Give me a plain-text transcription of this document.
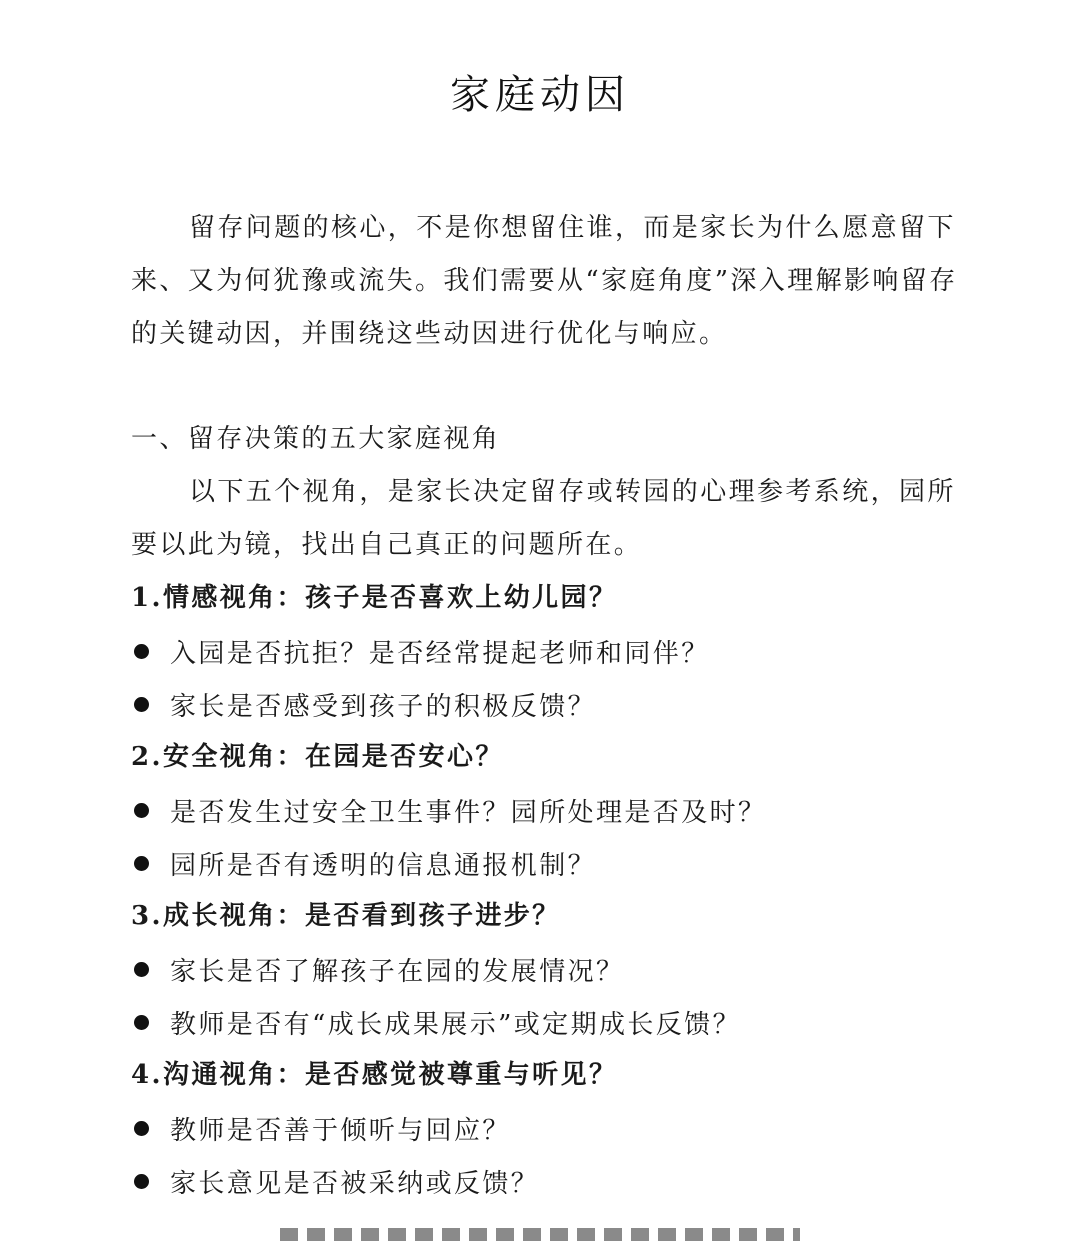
家庭动因

留存问题的核心，不是你想留住谁，而是家长为什么愿意留下来、又为何犹豫或流失。我们需要从“家庭角度”深入理解影响留存的关键动因，并围绕这些动因进行优化与响应。

一、留存决策的五大家庭视角

以下五个视角，是家长决定留存或转园的心理参考系统，园所要以此为镜，找出自己真正的问题所在。

1.情感视角：孩子是否喜欢上幼儿园？
入园是否抗拒？是否经常提起老师和同伴？
家长是否感受到孩子的积极反馈？
2.安全视角：在园是否安心？
是否发生过安全卫生事件？园所处理是否及时？
园所是否有透明的信息通报机制？
3.成长视角：是否看到孩子进步？
家长是否了解孩子在园的发展情况？
教师是否有“成长成果展示”或定期成长反馈？
4.沟通视角：是否感觉被尊重与听见？
教师是否善于倾听与回应？
家长意见是否被采纳或反馈？
